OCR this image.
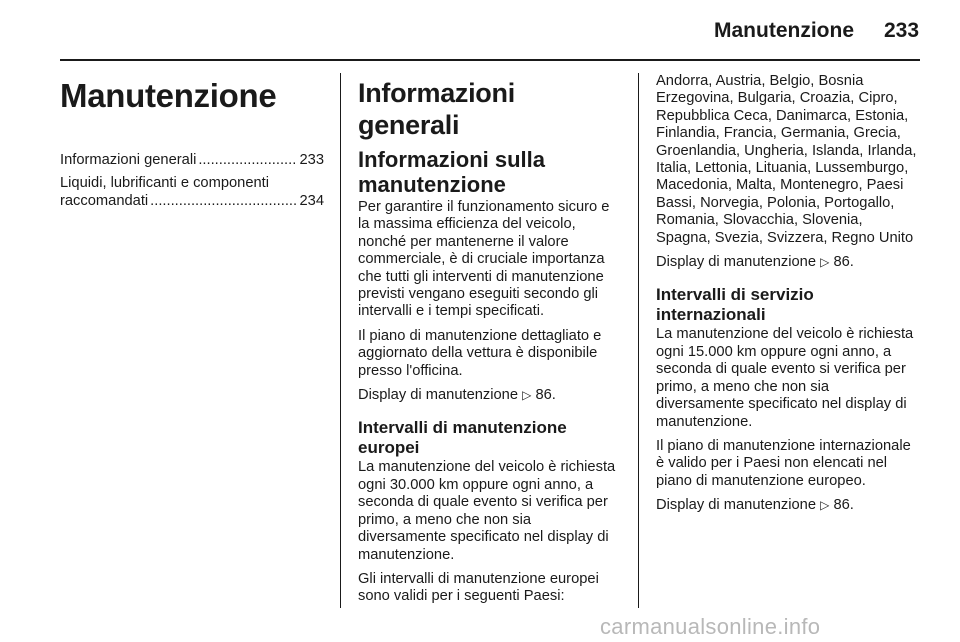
Manutenzione 233
Manutenzione
Informazioni generali .....	233
Liquidi, lubrificanti e componenti
raccomandati .....	234
Informazioni generali
Informazioni sulla manutenzione

Per garantire il funzionamento sicuro e la massima efficienza del veicolo, nonché per mantenerne il valore commerciale, è di cruciale importanza che tutti gli interventi di manutenzione previsti vengano eseguiti secondo gli intervalli e i tempi specificati.

Il piano di manutenzione dettagliato e aggiornato della vettura è disponibile presso l'officina.

Display di manutenzione ▷ 86.

Intervalli di manutenzione europei

La manutenzione del veicolo è richiesta ogni 30.000 km oppure ogni anno, a seconda di quale evento si verifica per primo, a meno che non sia diversamente specificato nel display di manutenzione.

Gli intervalli di manutenzione europei sono validi per i seguenti Paesi:

Andorra, Austria, Belgio, Bosnia Erzegovina, Bulgaria, Croazia, Cipro, Repubblica Ceca, Danimarca, Estonia, Finlandia, Francia, Germania, Grecia, Groenlandia, Ungheria, Islanda, Irlanda, Italia, Lettonia, Lituania, Lussemburgo, Macedonia, Malta, Montenegro, Paesi Bassi, Norvegia, Polonia, Portogallo, Romania, Slovacchia, Slovenia, Spagna, Svezia, Svizzera, Regno Unito

Display di manutenzione ▷ 86.

Intervalli di servizio internazionali

La manutenzione del veicolo è richiesta ogni 15.000 km oppure ogni anno, a seconda di quale evento si verifica per primo, a meno che non sia diversamente specificato nel display di manutenzione.

Il piano di manutenzione internazionale è valido per i Paesi non elencati nel piano di manutenzione europeo.

Display di manutenzione ▷ 86.

carmanualsonline.info
